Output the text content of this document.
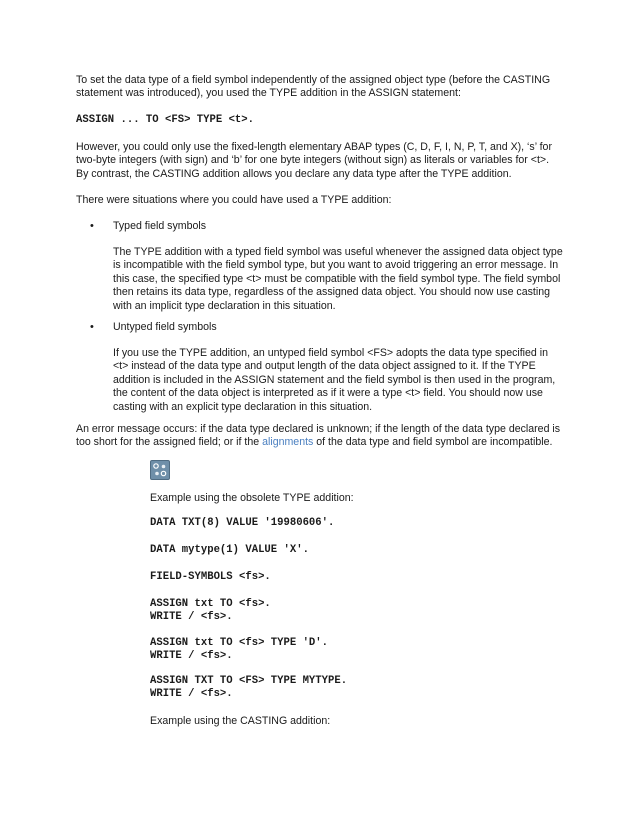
To set the data type of a field symbol independently of the assigned object type (before the CASTING statement was introduced), you used the TYPE addition in the ASSIGN statement:

ASSIGN ... TO <FS> TYPE <t>.

However, you could only use the fixed-length elementary ABAP types (C, D, F, I, N, P, T, and X), ‘s’ for two-byte integers (with sign) and ‘b’ for one byte integers (without sign) as literals or variables for <t>. By contrast, the CASTING addition allows you declare any data type after the TYPE addition.

There were situations where you could have used a TYPE addition:

• Typed field symbols

The TYPE addition with a typed field symbol was useful whenever the assigned data object type is incompatible with the field symbol type, but you want to avoid triggering an error message. In this case, the specified type <t> must be compatible with the field symbol type. The field symbol then retains its data type, regardless of the assigned data object. You should now use casting with an implicit type declaration in this situation.

• Untyped field symbols

If you use the TYPE addition, an untyped field symbol <FS> adopts the data type specified in <t> instead of the data type and output length of the data object assigned to it. If the TYPE addition is included in the ASSIGN statement and the field symbol is then used in the program, the content of the data object is interpreted as if it were a type <t> field. You should now use casting with an explicit type declaration in this situation.

An error message occurs: if the data type declared is unknown; if the length of the data type declared is too short for the assigned field; or if the alignments of the data type and field symbol are incompatible.

Example using the obsolete TYPE addition:

DATA TXT(8) VALUE '19980606'.

DATA mytype(1) VALUE 'X'.

FIELD-SYMBOLS <fs>.

ASSIGN txt TO <fs>.
WRITE / <fs>.

ASSIGN txt TO <fs> TYPE 'D'.
WRITE / <fs>.

ASSIGN TXT TO <FS> TYPE MYTYPE.
WRITE / <fs>.

Example using the CASTING addition:
